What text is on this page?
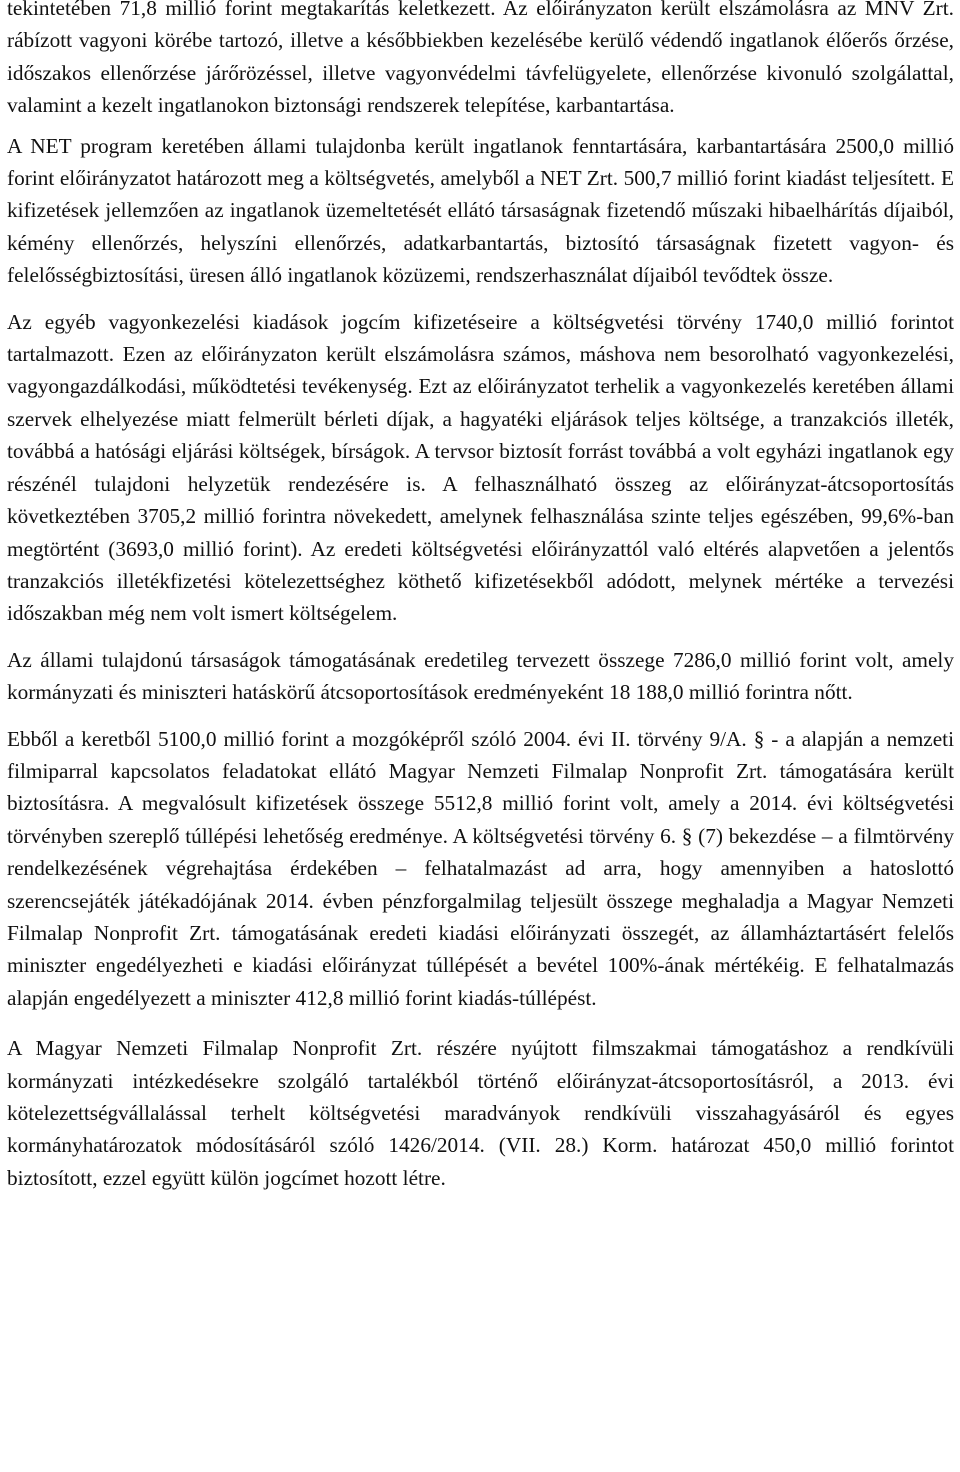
tekintetében 71,8 millió forint megtakarítás keletkezett. Az előirányzaton került elszámolásra az MNV Zrt. rábízott vagyoni körébe tartozó, illetve a későbbiekben kezelésébe kerülő védendő ingatlanok élőerős őrzése, időszakos ellenőrzése járőrözéssel, illetve vagyonvédelmi távfelügyelete, ellenőrzése kivonuló szolgálattal, valamint a kezelt ingatlanokon biztonsági rendszerek telepítése, karbantartása.

A NET program keretében állami tulajdonba került ingatlanok fenntartására, karbantartására 2500,0 millió forint előirányzatot határozott meg a költségvetés, amelyből a NET Zrt. 500,7 millió forint kiadást teljesített. E kifizetések jellemzően az ingatlanok üzemeltetését ellátó társaságnak fizetendő műszaki hibaelhárítás díjaiból, kémény ellenőrzés, helyszíni ellenőrzés, adatkarbantartás, biztosító társaságnak fizetett vagyon- és felelősségbiztosítási, üresen álló ingatlanok közüzemi, rendszerhasználat díjaiból tevődtek össze.

Az egyéb vagyonkezelési kiadások jogcím kifizetéseire a költségvetési törvény 1740,0 millió forintot tartalmazott. Ezen az előirányzaton került elszámolásra számos, máshova nem besorolható vagyonkezelési, vagyongazdálkodási, működtetési tevékenység. Ezt az előirányzatot terhelik a vagyonkezelés keretében állami szervek elhelyezése miatt felmerült bérleti díjak, a hagyatéki eljárások teljes költsége, a tranzakciós illeték, továbbá a hatósági eljárási költségek, bírságok. A tervsor biztosít forrást továbbá a volt egyházi ingatlanok egy részénél tulajdoni helyzetük rendezésére is. A felhasználható összeg az előirányzat-átcsoportosítás következtében 3705,2 millió forintra növekedett, amelynek felhasználása szinte teljes egészében, 99,6%-ban megtörtént (3693,0 millió forint). Az eredeti költségvetési előirányzattól való eltérés alapvetően a jelentős tranzakciós illetékfizetési kötelezettséghez köthető kifizetésekből adódott, melynek mértéke a tervezési időszakban még nem volt ismert költségelem.

Az állami tulajdonú társaságok támogatásának eredetileg tervezett összege 7286,0 millió forint volt, amely kormányzati és miniszteri hatáskörű átcsoportosítások eredményeként 18 188,0 millió forintra nőtt.

Ebből a keretből 5100,0 millió forint a mozgóképről szóló 2004. évi II. törvény 9/A. § - a alapján a nemzeti filmiparral kapcsolatos feladatokat ellátó Magyar Nemzeti Filmalap Nonprofit Zrt. támogatására került biztosításra. A megvalósult kifizetések összege 5512,8 millió forint volt, amely a 2014. évi költségvetési törvényben szereplő túllépési lehetőség eredménye. A költségvetési törvény 6. § (7) bekezdése – a filmtörvény rendelkezésének végrehajtása érdekében – felhatalmazást ad arra, hogy amennyiben a hatoslottó szerencsejáték játékadójának 2014. évben pénzforgalmilag teljesült összege meghaladja a Magyar Nemzeti Filmalap Nonprofit Zrt. támogatásának eredeti kiadási előirányzati összegét, az államháztartásért felelős miniszter engedélyezheti e kiadási előirányzat túllépését a bevétel 100%-ának mértékéig. E felhatalmazás alapján engedélyezett a miniszter 412,8 millió forint kiadás-túllépést.

A Magyar Nemzeti Filmalap Nonprofit Zrt. részére nyújtott filmszakmai támogatáshoz a rendkívüli kormányzati intézkedésekre szolgáló tartalékból történő előirányzat-átcsoportosításról, a 2013. évi kötelezettségvállalással terhelt költségvetési maradványok rendkívüli visszahagyásáról és egyes kormányhatározatok módosításáról szóló 1426/2014. (VII. 28.) Korm. határozat 450,0 millió forintot biztosított, ezzel együtt külön jogcímet hozott létre.
